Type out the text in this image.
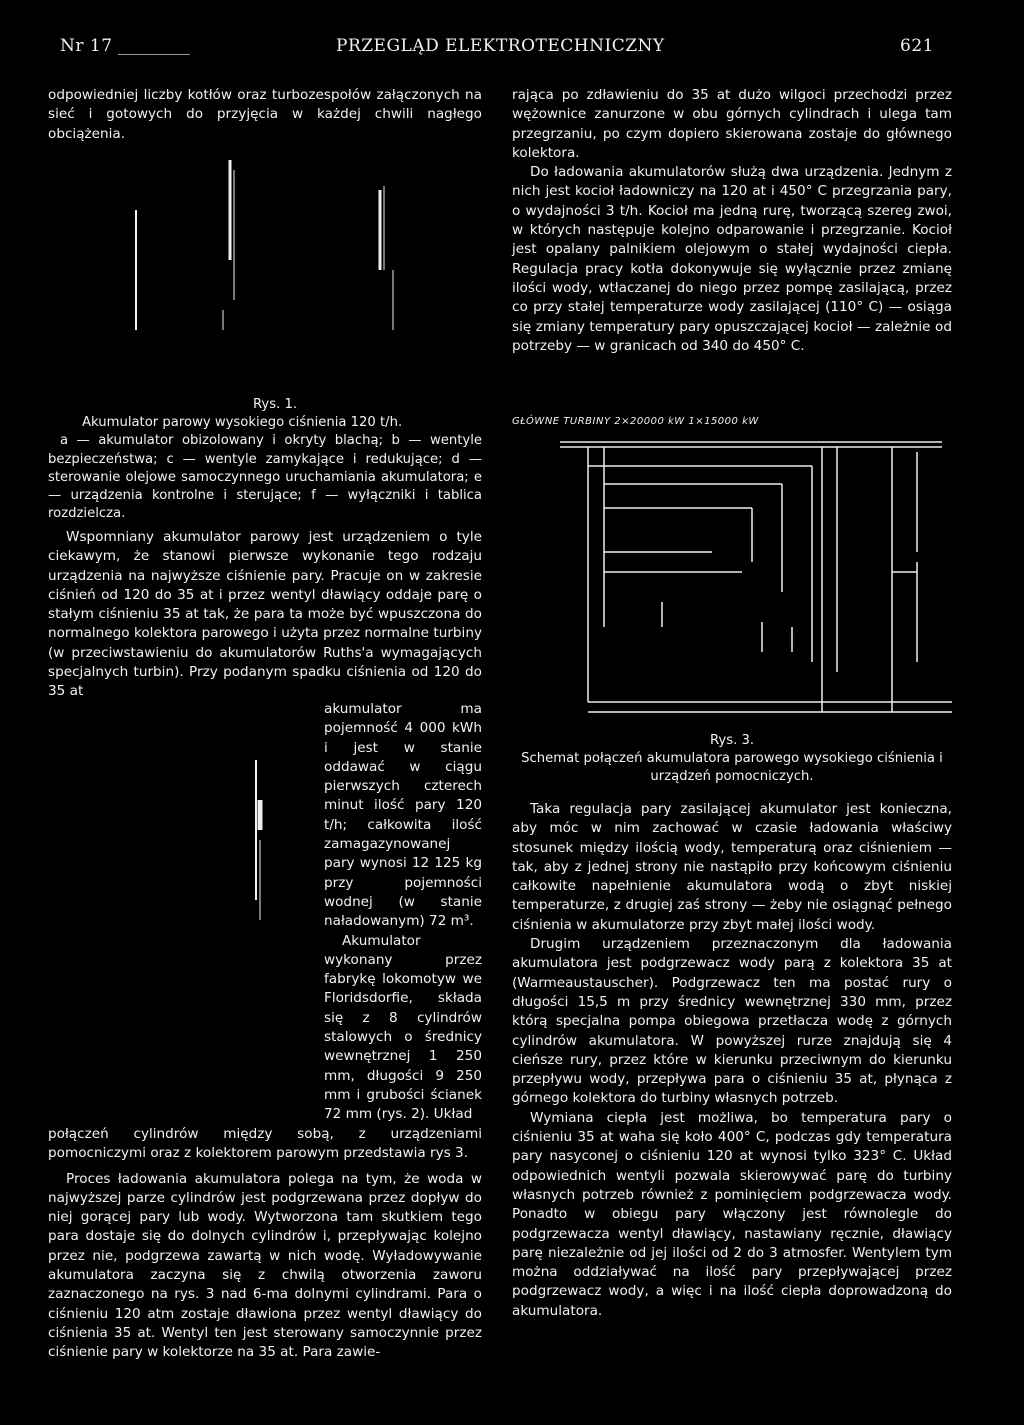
Nr 17	PRZEGLĄD ELEKTROTECHNICZNY	621

odpowiedniej liczby kotłów oraz turbozespołów załączonych na sieć i gotowych do przyjęcia w każdej chwili nagłego obciążenia.

rająca po zdławieniu do 35 at dużo wilgoci przechodzi przez wężownice zanurzone w obu górnych cylindrach i ulega tam przegrzaniu, po czym dopiero skierowana zostaje do głównego kolektora.

Do ładowania akumulatorów służą dwa urządzenia. Jednym z nich jest kocioł ładowniczy na 120 at i 450° C przegrzania pary, o wydajności 3 t/h. Kocioł ma jedną rurę, tworzącą szereg zwoi, w których następuje kolejno odparowanie i przegrzanie. Kocioł jest opalany palnikiem olejowym o stałej wydajności ciepła. Regulacja pracy kotła dokonywuje się wyłącznie przez zmianę ilości wody, wtłaczanej do niego przez pompę zasilającą, przez co przy stałej temperaturze wody zasilającej (110° C) — osiąga się zmiany temperatury pary opuszczającej kocioł — zależnie od potrzeby — w granicach od 340 do 450° C.

Rys. 1.

Akumulator parowy wysokiego ciśnienia 120 t/h.

a — akumulator obizolowany i okryty blachą; b — wentyle bezpieczeństwa; c — wentyle zamykające i redukujące; d — sterowanie olejowe samoczynnego uruchamiania akumulatora; e — urządzenia kontrolne i sterujące; f — wyłączniki i tablica rozdzielcza.

GŁÓWNE TURBINY 2×20000 kW 1×15000 kW

Rys. 3.

Schemat połączeń akumulatora parowego wysokiego ciśnienia i urządzeń pomocniczych.

Wspomniany akumulator parowy jest urządzeniem o tyle ciekawym, że stanowi pierwsze wykonanie tego rodzaju urządzenia na najwyższe ciśnienie pary. Pracuje on w zakresie ciśnień od 120 do 35 at i przez wentyl dławiący oddaje parę o stałym ciśnieniu 35 at tak, że para ta może być wpuszczona do normalnego kolektora parowego i użyta przez normalne turbiny (w przeciwstawieniu do akumulatorów Ruths'a wymagających specjalnych turbin). Przy podanym spadku ciśnienia od 120 do 35 at

akumulator ma pojemność 4 000 kWh i jest w stanie oddawać w ciągu pierwszych czterech minut ilość pary 120 t/h; całkowita ilość zamagazynowanej pary wynosi 12 125 kg przy pojemności wodnej (w stanie naładowanym) 72 m³.

Akumulator wykonany przez fabrykę lokomotyw we Floridsdorfie, składa się z 8 cylindrów stalowych o średnicy wewnętrznej 1 250 mm, długości 9 250 mm i grubości ścianek 72 mm (rys. 2). Układ

połączeń cylindrów między sobą, z urządzeniami pomocniczymi oraz z kolektorem parowym przedstawia rys 3.

Proces ładowania akumulatora polega na tym, że woda w najwyższej parze cylindrów jest podgrzewana przez dopływ do niej gorącej pary lub wody. Wytworzona tam skutkiem tego para dostaje się do dolnych cylindrów i, przepływając kolejno przez nie, podgrzewa zawartą w nich wodę. Wyładowywanie akumulatora zaczyna się z chwilą otworzenia zaworu zaznaczonego na rys. 3 nad 6-ma dolnymi cylindrami. Para o ciśnieniu 120 atm zostaje dławiona przez wentyl dławiący do ciśnienia 35 at. Wentyl ten jest sterowany samoczynnie przez ciśnienie pary w kolektorze na 35 at. Para zawie-

Taka regulacja pary zasilającej akumulator jest konieczna, aby móc w nim zachować w czasie ładowania właściwy stosunek między ilością wody, temperaturą oraz ciśnieniem — tak, aby z jednej strony nie nastąpiło przy końcowym ciśnieniu całkowite napełnienie akumulatora wodą o zbyt niskiej temperaturze, z drugiej zaś strony — żeby nie osiągnąć pełnego ciśnienia w akumulatorze przy zbyt małej ilości wody.

Drugim urządzeniem przeznaczonym dla ładowania akumulatora jest podgrzewacz wody parą z kolektora 35 at (Warmeaustauscher). Podgrzewacz ten ma postać rury o długości 15,5 m przy średnicy wewnętrznej 330 mm, przez którą specjalna pompa obiegowa przetłacza wodę z górnych cylindrów akumulatora. W powyższej rurze znajdują się 4 cieńsze rury, przez które w kierunku przeciwnym do kierunku przepływu wody, przepływa para o ciśnieniu 35 at, płynąca z górnego kolektora do turbiny własnych potrzeb.

Wymiana ciepła jest możliwa, bo temperatura pary o ciśnieniu 35 at waha się koło 400° C, podczas gdy temperatura pary nasyconej o ciśnieniu 120 at wynosi tylko 323° C. Układ odpowiednich wentyli pozwala skierowywać parę do turbiny własnych potrzeb również z pominięciem podgrzewacza wody. Ponadto w obiegu pary włączony jest równolegle do podgrzewacza wentyl dławiący, nastawiany ręcznie, dławiący parę niezależnie od jej ilości od 2 do 3 atmosfer. Wentylem tym można oddziaływać na ilość pary przepływającej przez podgrzewacz wody, a więc i na ilość ciepła doprowadzoną do akumulatora.
